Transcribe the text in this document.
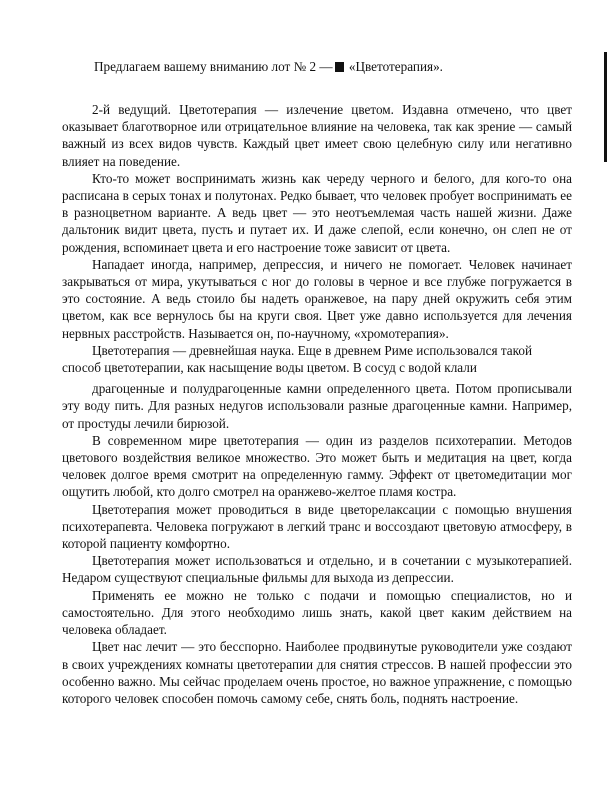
Предлагаем вашему вниманию лот № 2 — «Цветотерапия».

2-й ведущий. Цветотерапия — излечение цветом. Издавна отмечено, что цвет оказывает благотворное или отрицательное влияние на человека, так как зрение — самый важный из всех видов чувств. Каждый цвет имеет свою целебную силу или негативно влияет на поведение.

Кто-то может воспринимать жизнь как череду черного и белого, для кого-то она расписана в серых тонах и полутонах. Редко бывает, что человек пробует воспринимать ее в разноцветном варианте. А ведь цвет — это неотъемлемая часть нашей жизни. Даже дальтоник видит цвета, пусть и путает их. И даже слепой, если конечно, он слеп не от рождения, вспоминает цвета и его настроение тоже зависит от цвета.

Нападает иногда, например, депрессия, и ничего не помогает. Человек начинает закрываться от мира, укутываться с ног до головы в черное и все глубже погружается в это состояние. А ведь стоило бы надеть оранжевое, на пару дней окружить себя этим цветом, как все вернулось бы на круги своя. Цвет уже давно используется для лечения нервных расстройств. Называется он, по-научному, «хромотерапия».

Цветотерапия — древнейшая наука. Еще в древнем Риме использовался такой способ цветотерапии, как насыщение воды цветом. В сосуд с водой клали

драгоценные и полудрагоценные камни определенного цвета. Потом прописывали эту воду пить. Для разных недугов использовали разные драгоценные камни. Например, от простуды лечили бирюзой.

В современном мире цветотерапия — один из разделов психотерапии. Методов цветового воздействия великое множество. Это может быть и медитация на цвет, когда человек долгое время смотрит на определенную гамму. Эффект от цветомедитации мог ощутить любой, кто долго смотрел на оранжево-желтое пламя костра.

Цветотерапия может проводиться в виде цветорелаксации с помощью внушения психотерапевта. Человека погружают в легкий транс и воссоздают цветовую атмосферу, в которой пациенту комфортно.

Цветотерапия может использоваться и отдельно, и в сочетании с музыкотерапией. Недаром существуют специальные фильмы для выхода из депрессии.

Применять ее можно не только с подачи и помощью специалистов, но и самостоятельно. Для этого необходимо лишь знать, какой цвет каким действием на человека обладает.

Цвет нас лечит — это бесспорно. Наиболее продвинутые руководители уже создают в своих учреждениях комнаты цветотерапии для снятия стрессов. В нашей профессии это особенно важно. Мы сейчас проделаем очень простое, но важное упражнение, с помощью которого человек способен помочь самому себе, снять боль, поднять настроение.
